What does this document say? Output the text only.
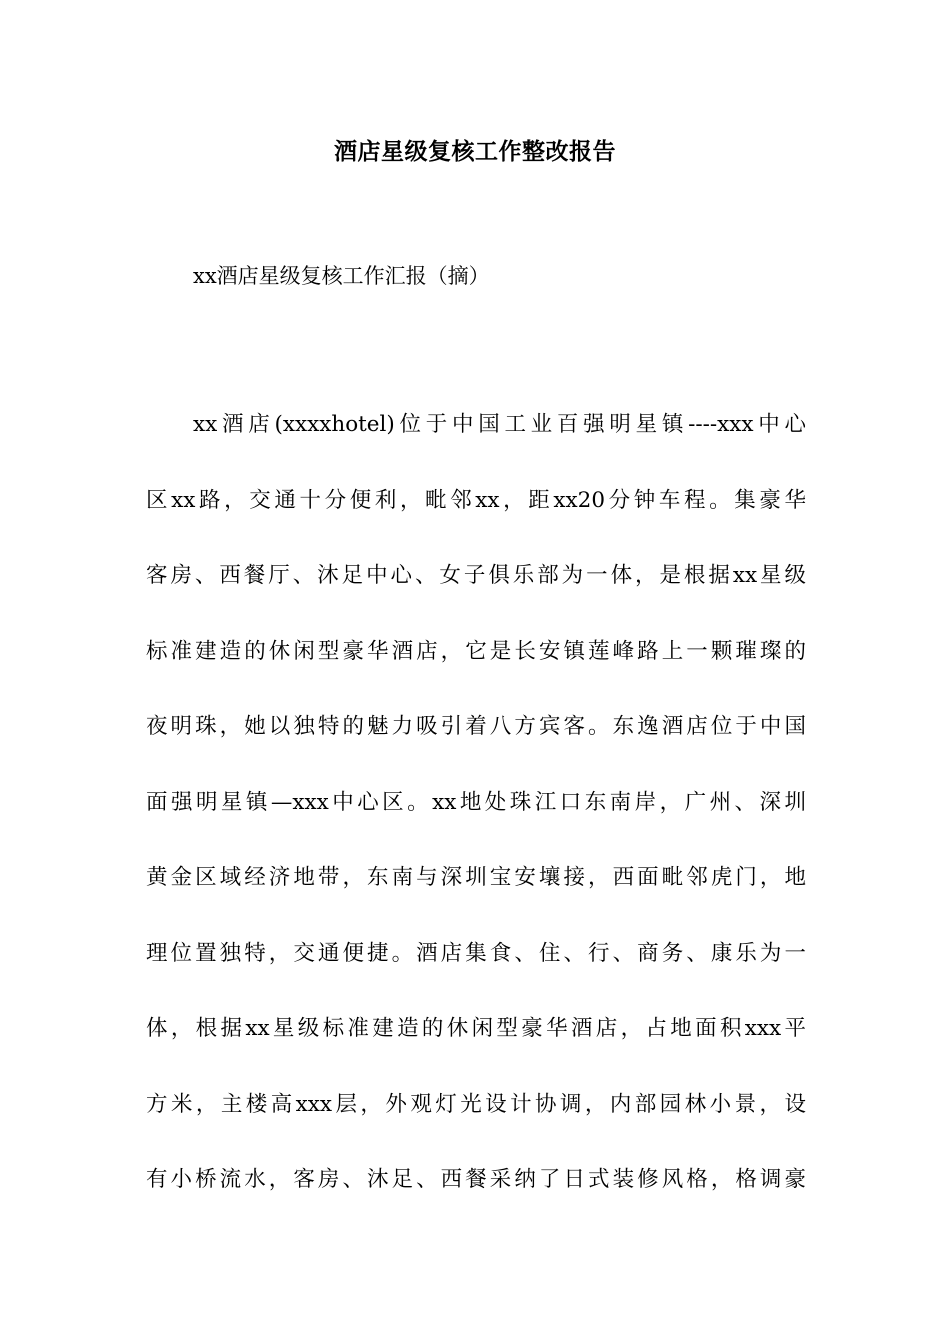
酒店星级复核工作整改报告
xx酒店星级复核工作汇报（摘）
xx酒店(xxxxhotel)位于中国工业百强明星镇----xxx中心
区xx路，交通十分便利，毗邻xx，距xx20分钟车程。集豪华
客房、西餐厅、沐足中心、女子俱乐部为一体，是根据xx星级
标准建造的休闲型豪华酒店，它是长安镇莲峰路上一颗璀璨的
夜明珠，她以独特的魅力吸引着八方宾客。东逸酒店位于中国
面强明星镇—xxx中心区。xx地处珠江口东南岸，广州、深圳
黄金区域经济地带，东南与深圳宝安壤接，西面毗邻虎门，地
理位置独特，交通便捷。酒店集食、住、行、商务、康乐为一
体，根据xx星级标准建造的休闲型豪华酒店，占地面积xxx平
方米，主楼高xxx层，外观灯光设计协调，内部园林小景，设
有小桥流水，客房、沐足、西餐采纳了日式装修风格，格调豪
